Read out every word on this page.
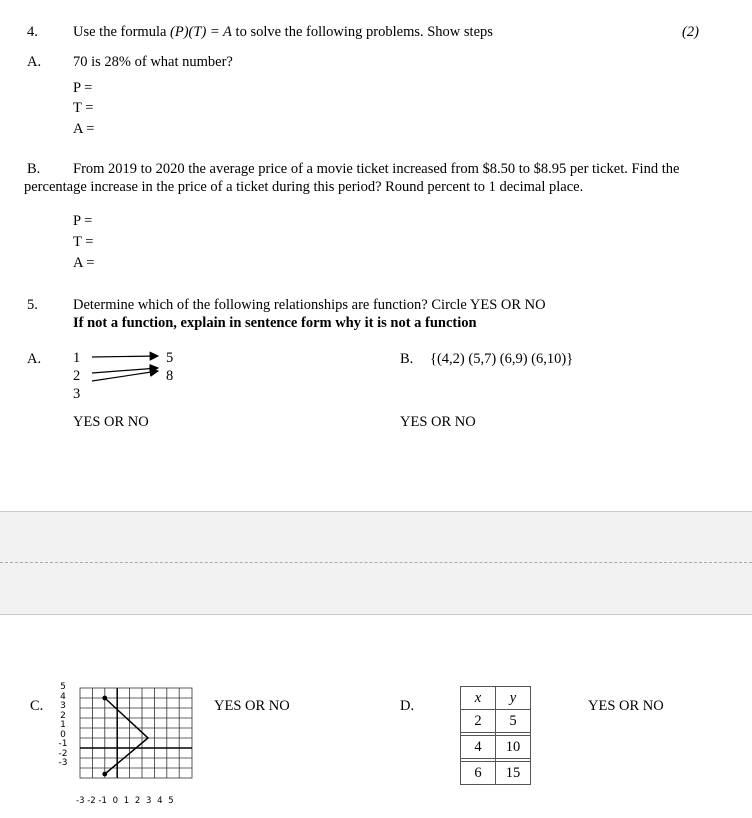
4. Use the formula (P)(T) = A to solve the following problems. Show steps	(2)
A. 70 is 28% of what number?
P =
T =
A =
B. From 2019 to 2020 the average price of a movie ticket increased from $8.50 to $8.95 per ticket. Find the
percentage increase in the price of a ticket during this period? Round percent to 1 decimal place.
P =
T =
A =
5. Determine which of the following relationships are function? Circle YES OR NO
If not a function, explain in sentence form why it is not a function
A. 1
2
3
5
8
YES OR NO
B. {(4,2) (5,7) (6,9) (6,10)}
YES OR NO
C.
5
4
3
2
1
0
-1
-2
-3
-3 -2 -1 0 1 2 3 4 5
YES OR NO	D.
x	y
2	5

4	10

6	15
YES OR NO
